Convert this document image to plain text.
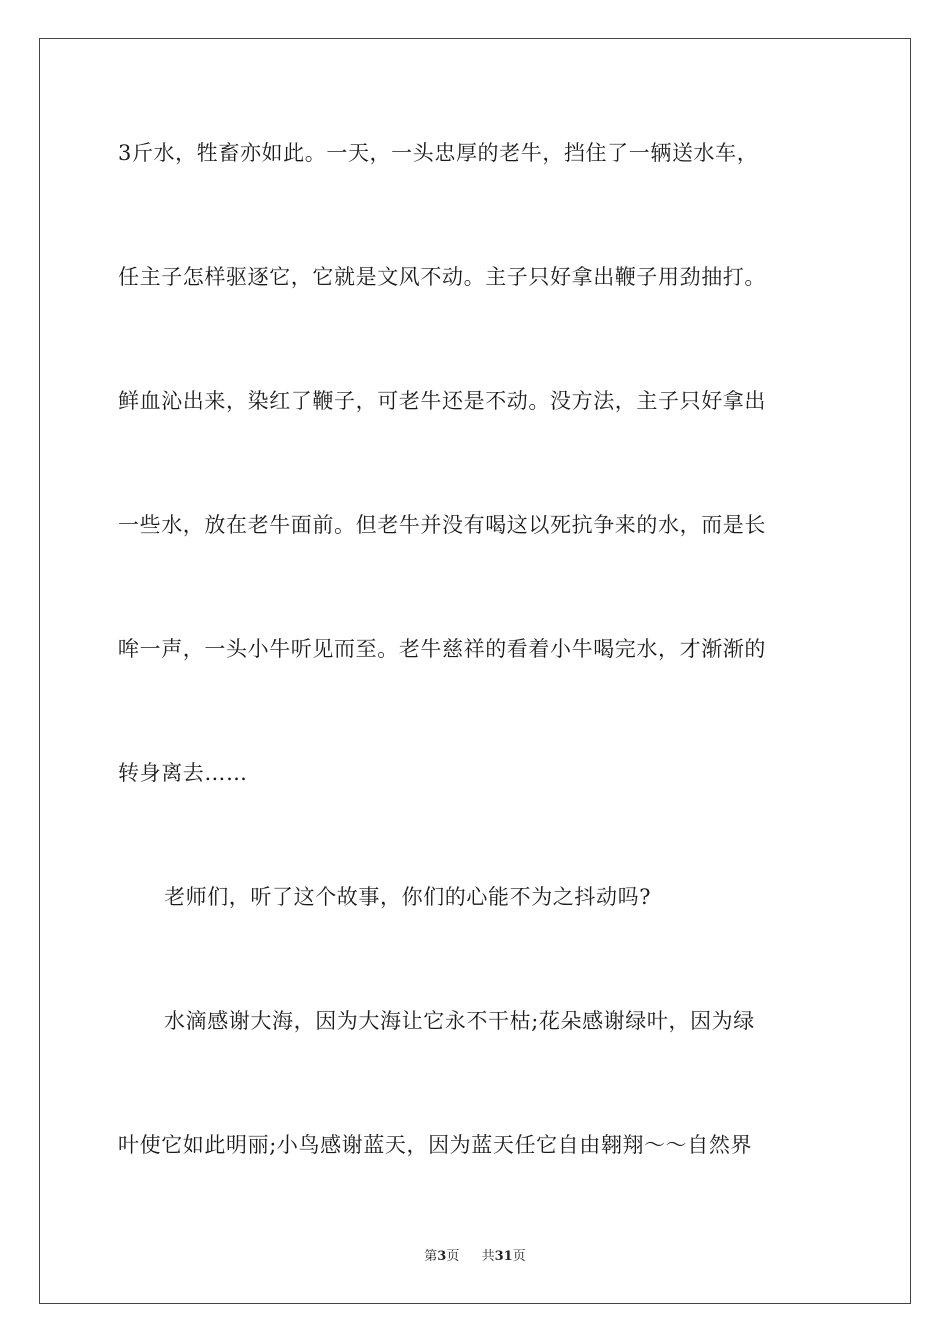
3斤水，牲畜亦如此。一天，一头忠厚的老牛，挡住了一辆送水车，
任主子怎样驱逐它，它就是文风不动。主子只好拿出鞭子用劲抽打。
鲜血沁出来，染红了鞭子，可老牛还是不动。没方法，主子只好拿出
一些水，放在老牛面前。但老牛并没有喝这以死抗争来的水，而是长
哞一声，一头小牛听见而至。老牛慈祥的看着小牛喝完水，才渐渐的
转身离去……
老师们，听了这个故事，你们的心能不为之抖动吗?
水滴感谢大海，因为大海让它永不干枯;花朵感谢绿叶，因为绿
叶使它如此明丽;小鸟感谢蓝天，因为蓝天任它自由翱翔～～自然界
第3页 共31页
